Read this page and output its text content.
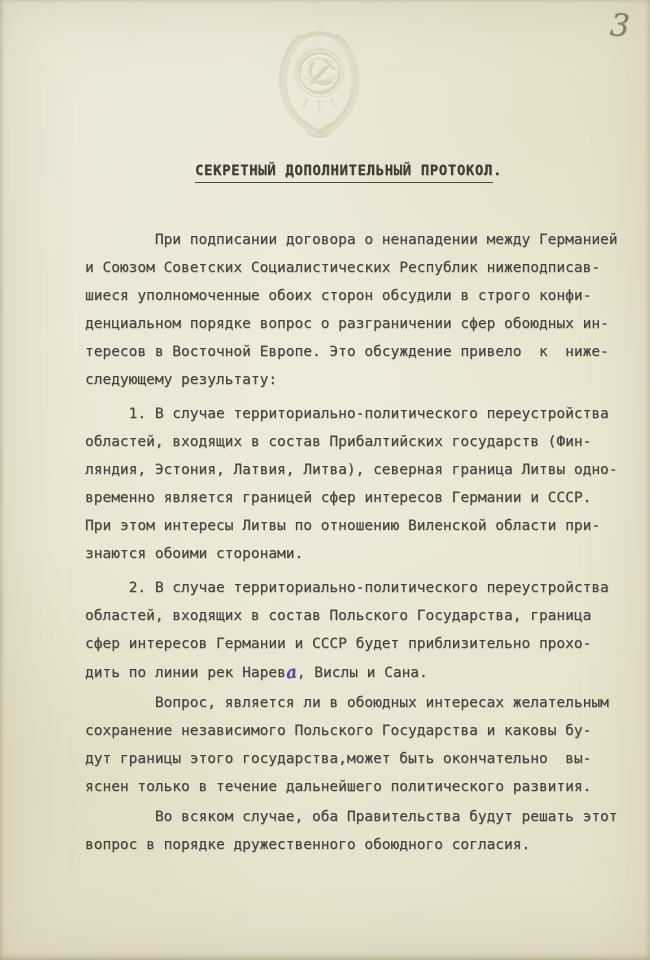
3
СЕКРЕТНЫЙ ДОПОЛНИТЕЛЬНЫЙ ПРОТОКОЛ.
При подписании договора о ненападении между Германией
и Союзом Советских Социалистических Республик нижеподписав-
шиеся уполномоченные обоих сторон обсудили в строго конфи-
денциальном порядке вопрос о разграничении сфер обоюдных ин-
тересов в Восточной Европе. Это обсуждение привело  к  ниже-
следующему результату:
1. В случае территориально-политического переустройства
областей, входящих в состав Прибалтийских государств (Фин-
ляндия, Эстония, Латвия, Литва), северная граница Литвы одно-
временно является границей сфер интересов Германии и СССР.
При этом интересы Литвы по отношению Виленской области при-
знаются обоими сторонами.
2. В случае территориально-политического переустройства
областей, входящих в состав Польского Государства, граница
сфер интересов Германии и СССР будет приблизительно прохо-
дить по линии рек Нарева, Вислы и Сана.
Вопрос, является ли в обоюдных интересах желательным
сохранение независимого Польского Государства и каковы бу-
дут границы этого государства,может быть окончательно  вы-
яснен только в течение дальнейшего политического развития.
Во всяком случае, оба Правительства будут решать этот
вопрос в порядке дружественного обоюдного согласия.
